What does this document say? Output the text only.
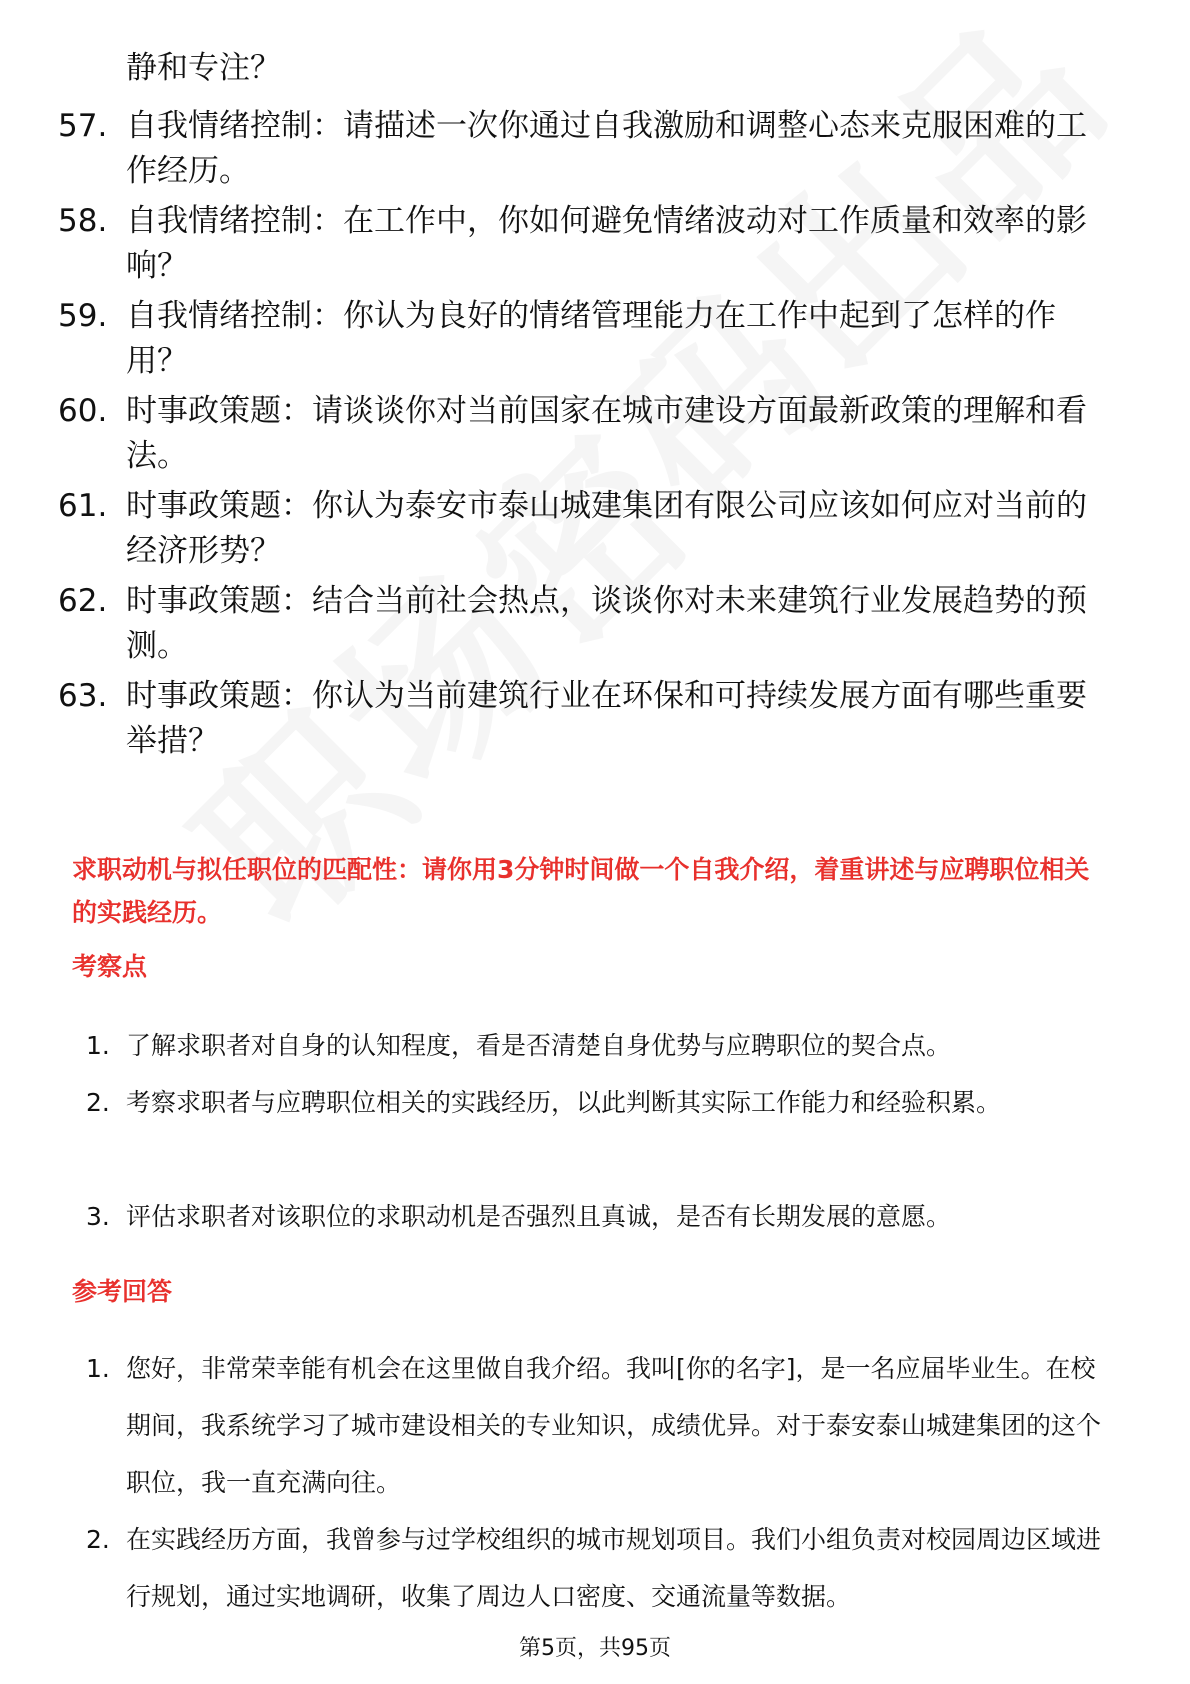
静和专注？
57. 自我情绪控制：请描述一次你通过自我激励和调整心态来克服困难的工作经历。
58. 自我情绪控制：在工作中，你如何避免情绪波动对工作质量和效率的影响？
59. 自我情绪控制：你认为良好的情绪管理能力在工作中起到了怎样的作用？
60. 时事政策题：请谈谈你对当前国家在城市建设方面最新政策的理解和看法。
61. 时事政策题：你认为泰安市泰山城建集团有限公司应该如何应对当前的经济形势？
62. 时事政策题：结合当前社会热点，谈谈你对未来建筑行业发展趋势的预测。
63. 时事政策题：你认为当前建筑行业在环保和可持续发展方面有哪些重要举措？
求职动机与拟任职位的匹配性：请你用3分钟时间做一个自我介绍，着重讲述与应聘职位相关的实践经历。
考察点
1. 了解求职者对自身的认知程度，看是否清楚自身优势与应聘职位的契合点。
2. 考察求职者与应聘职位相关的实践经历，以此判断其实际工作能力和经验积累。
3. 评估求职者对该职位的求职动机是否强烈且真诚，是否有长期发展的意愿。
参考回答
1. 您好，非常荣幸能有机会在这里做自我介绍。我叫[你的名字]，是一名应届毕业生。在校期间，我系统学习了城市建设相关的专业知识，成绩优异。对于泰安泰山城建集团的这个职位，我一直充满向往。
2. 在实践经历方面，我曾参与过学校组织的城市规划项目。我们小组负责对校园周边区域进行规划，通过实地调研，收集了周边人口密度、交通流量等数据。
第5页，共95页
